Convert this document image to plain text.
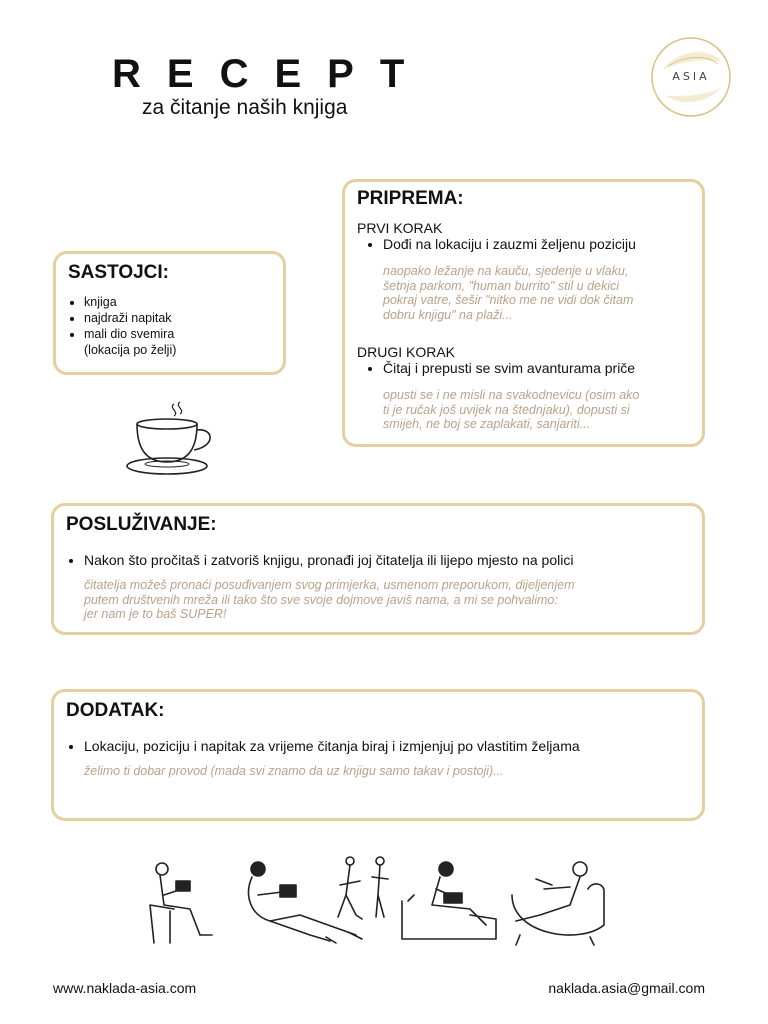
RECEPT
za čitanje naših knjiga
ASIA
SASTOJCI:
• knjiga
• najdraži napitak
• mali dio svemira
(lokacija po želji)
PRIPREMA:
PRVI KORAK
• Dođi na lokaciju i zauzmi željenu poziciju
naopako ležanje na kauču, sjedenje u vlaku,
šetnja parkom, "human burrito" stil u dekici
pokraj vatre, šešir "nitko me ne vidi dok čitam
dobru knjigu" na plaži...
DRUGI KORAK
• Čitaj i prepusti se svim avanturama priče
opusti se i ne misli na svakodnevicu (osim ako
ti je ručak još uvijek na štednjaku), dopusti si
smijeh, ne boj se zaplakati, sanjariti...
POSLUŽIVANJE:
• Nakon što pročitaš i zatvoriš knjigu, pronađi joj čitatelja ili lijepo mjesto na polici
čitatelja možeš pronaći posuđivanjem svog primjerka, usmenom preporukom, dijeljenjem
putem društvenih mreža ili tako što sve svoje dojmove javiš nama, a mi se pohvalimo:
jer nam je to baš SUPER!
DODATAK:
• Lokaciju, poziciju i napitak za vrijeme čitanja biraj i izmjenjuj po vlastitim željama
želimo ti dobar provod (mada svi znamo da uz knjigu samo takav i postoji)...
www.naklada-asia.com	naklada.asia@gmail.com
